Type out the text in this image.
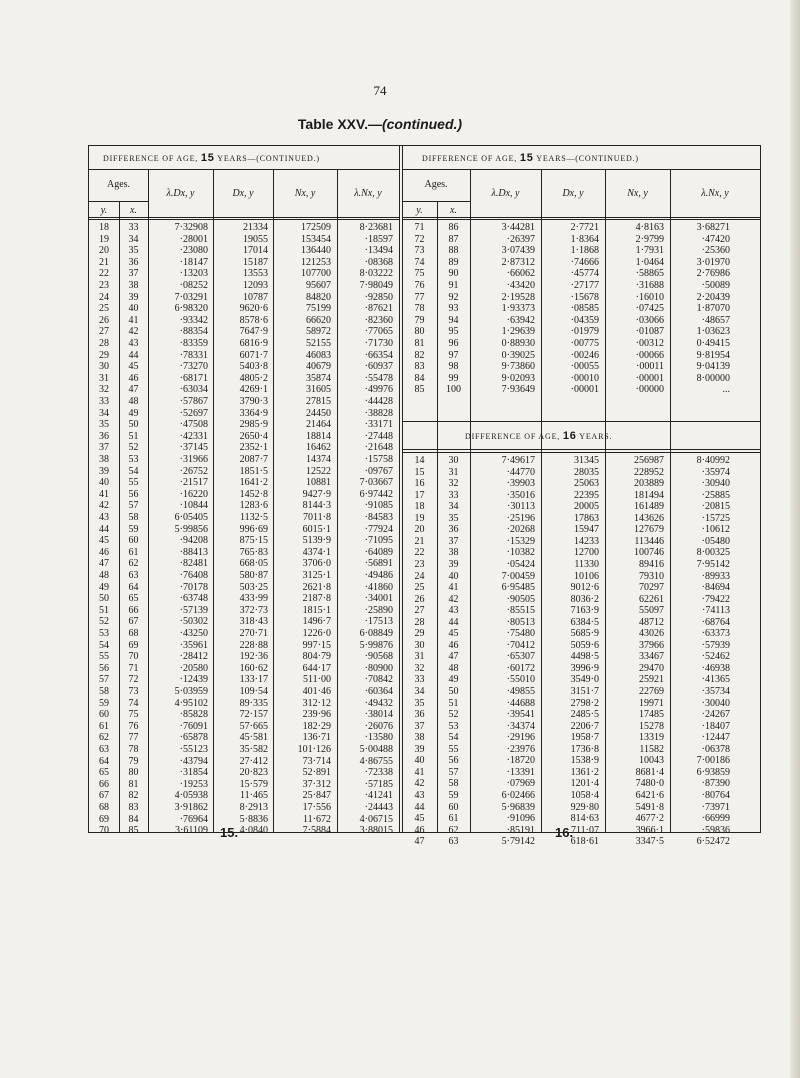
74
Table XXV.—(continued.)
DIFFERENCE OF AGE, 15 YEARS—(CONTINUED.)	DIFFERENCE OF AGE, 15 YEARS—(CONTINUED.)
DIFFERENCE OF AGE, 16 YEARS.
Ages.
y.	x.
λ.Dx, y	Dx, y	Nx, y	λ.Nx, y
Ages.
y.	x.
λ.Dx, y	Dx, y	Nx, y	λ.Nx, y
18	33	7·32908	21334	172509	8·23681
19	34	·28001	19055	153454	·18597
20	35	·23080	17014	136440	·13494
21	36	·18147	15187	121253	·08368
22	37	·13203	13553	107700	8·03222
23	38	·08252	12093	95607	7·98049
24	39	7·03291	10787	84820	·92850
25	40	6·98320	9620·6	75199	·87621
26	41	·93342	8578·6	66620	·82360
27	42	·88354	7647·9	58972	·77065
28	43	·83359	6816·9	52155	·71730
29	44	·78331	6071·7	46083	·66354
30	45	·73270	5403·8	40679	·60937
31	46	·68171	4805·2	35874	·55478
32	47	·63034	4269·1	31605	·49976
33	48	·57867	3790·3	27815	·44428
34	49	·52697	3364·9	24450	·38828
35	50	·47508	2985·9	21464	·33171
36	51	·42331	2650·4	18814	·27448
37	52	·37145	2352·1	16462	·21648
38	53	·31966	2087·7	14374	·15758
39	54	·26752	1851·5	12522	·09767
40	55	·21517	1641·2	10881	7·03667
41	56	·16220	1452·8	9427·9	6·97442
42	57	·10844	1283·6	8144·3	·91085
43	58	6·05405	1132·5	7011·8	·84583
44	59	5·99856	996·69	6015·1	·77924
45	60	·94208	875·15	5139·9	·71095
46	61	·88413	765·83	4374·1	·64089
47	62	·82481	668·05	3706·0	·56891
48	63	·76408	580·87	3125·1	·49486
49	64	·70178	503·25	2621·8	·41860
50	65	·63748	433·99	2187·8	·34001
51	66	·57139	372·73	1815·1	·25890
52	67	·50302	318·43	1496·7	·17513
53	68	·43250	270·71	1226·0	6·08849
54	69	·35961	228·88	997·15	5·99876
55	70	·28412	192·36	804·79	·90568
56	71	·20580	160·62	644·17	·80900
57	72	·12439	133·17	511·00	·70842
58	73	5·03959	109·54	401·46	·60364
59	74	4·95102	89·335	312·12	·49432
60	75	·85828	72·157	239·96	·38014
61	76	·76091	57·665	182·29	·26076
62	77	·65878	45·581	136·71	·13580
63	78	·55123	35·582	101·126	5·00488
64	79	·43794	27·412	73·714	4·86755
65	80	·31854	20·823	52·891	·72338
66	81	·19253	15·579	37·312	·57185
67	82	4·05938	11·465	25·847	·41241
68	83	3·91862	8·2913	17·556	·24443
69	84	·76964	5·8836	11·672	4·06715
70	85	3·61109	4·0840	7·5884	3·88015
71	86	3·44281	2·7721	4·8163	3·68271
72	87	·26397	1·8364	2·9799	·47420
73	88	3·07439	1·1868	1·7931	·25360
74	89	2·87312	·74666	1·0464	3·01970
75	90	·66062	·45774	·58865	2·76986
76	91	·43420	·27177	·31688	·50089
77	92	2·19528	·15678	·16010	2·20439
78	93	1·93373	·08585	·07425	1·87070
79	94	·63942	·04359	·03066	·48657
80	95	1·29639	·01979	·01087	1·03623
81	96	0·88930	·00775	·00312	0·49415
82	97	0·39025	·00246	·00066	9·81954
83	98	9·73860	·00055	·00011	9·04139
84	99	9·02093	·00010	·00001	8·00000
85	100	7·93649	·00001	·00000	...
14	30	7·49617	31345	256987	8·40992
15	31	·44770	28035	228952	·35974
16	32	·39903	25063	203889	·30940
17	33	·35016	22395	181494	·25885
18	34	·30113	20005	161489	·20815
19	35	·25196	17863	143626	·15725
20	36	·20268	15947	127679	·10612
21	37	·15329	14233	113446	·05480
22	38	·10382	12700	100746	8·00325
23	39	·05424	11330	89416	7·95142
24	40	7·00459	10106	79310	·89933
25	41	6·95485	9012·6	70297	·84694
26	42	·90505	8036·2	62261	·79422
27	43	·85515	7163·9	55097	·74113
28	44	·80513	6384·5	48712	·68764
29	45	·75480	5685·9	43026	·63373
30	46	·70412	5059·6	37966	·57939
31	47	·65307	4498·5	33467	·52462
32	48	·60172	3996·9	29470	·46938
33	49	·55010	3549·0	25921	·41365
34	50	·49855	3151·7	22769	·35734
35	51	·44688	2798·2	19971	·30040
36	52	·39541	2485·5	17485	·24267
37	53	·34374	2206·7	15278	·18407
38	54	·29196	1958·7	13319	·12447
39	55	·23976	1736·8	11582	·06378
40	56	·18720	1538·9	10043	7·00186
41	57	·13391	1361·2	8681·4	6·93859
42	58	·07969	1201·4	7480·0	·87390
43	59	6·02466	1058·4	6421·6	·80764
44	60	5·96839	929·80	5491·8	·73971
45	61	·91096	814·63	4677·2	·66999
46	62	·85191	711·07	3966·1	·59836
47	63	5·79142	618·61	3347·5	6·52472
15.	16.
